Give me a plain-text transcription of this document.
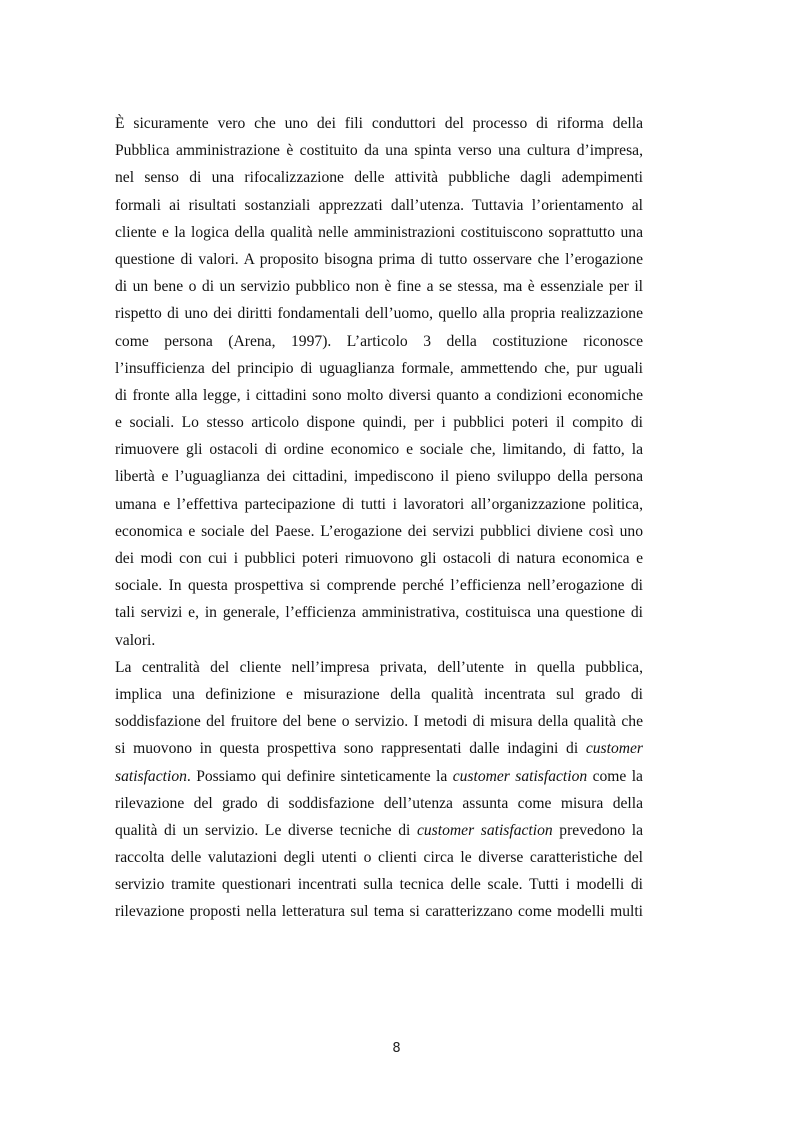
È sicuramente vero che uno dei fili conduttori del processo di riforma della
Pubblica amministrazione è costituito da una spinta verso una cultura d’impresa,
nel senso di una rifocalizzazione delle attività pubbliche dagli adempimenti
formali ai risultati sostanziali apprezzati dall’utenza. Tuttavia l’orientamento al
cliente e la logica della qualità nelle amministrazioni costituiscono soprattutto una
questione di valori. A proposito bisogna prima di tutto osservare che l’erogazione
di un bene o di un servizio pubblico non è fine a se stessa, ma è essenziale per il
rispetto di uno dei diritti fondamentali dell’uomo, quello alla propria realizzazione
come persona (Arena, 1997). L’articolo 3 della costituzione riconosce
l’insufficienza del principio di uguaglianza formale, ammettendo che, pur uguali
di fronte alla legge, i cittadini sono molto diversi quanto a condizioni economiche
e sociali. Lo stesso articolo dispone quindi, per i pubblici poteri il compito di
rimuovere gli ostacoli di ordine economico e sociale che, limitando, di fatto, la
libertà e l’uguaglianza dei cittadini, impediscono il pieno sviluppo della persona
umana e l’effettiva partecipazione di tutti i lavoratori all’organizzazione politica,
economica e sociale del Paese. L’erogazione dei servizi pubblici diviene così uno
dei modi con cui i pubblici poteri rimuovono gli ostacoli di natura economica e
sociale. In questa prospettiva si comprende perché l’efficienza nell’erogazione di
tali servizi e, in generale, l’efficienza amministrativa, costituisca una questione di
valori.
La centralità del cliente nell’impresa privata, dell’utente in quella pubblica,
implica una definizione e misurazione della qualità incentrata sul grado di
soddisfazione del fruitore del bene o servizio. I metodi di misura della qualità che
si muovono in questa prospettiva sono rappresentati dalle indagini di customer
satisfaction. Possiamo qui definire sinteticamente la customer satisfaction come la
rilevazione del grado di soddisfazione dell’utenza assunta come misura della
qualità di un servizio. Le diverse tecniche di customer satisfaction prevedono la
raccolta delle valutazioni degli utenti o clienti circa le diverse caratteristiche del
servizio tramite questionari incentrati sulla tecnica delle scale. Tutti i modelli di
rilevazione proposti nella letteratura sul tema si caratterizzano come modelli multi
8
